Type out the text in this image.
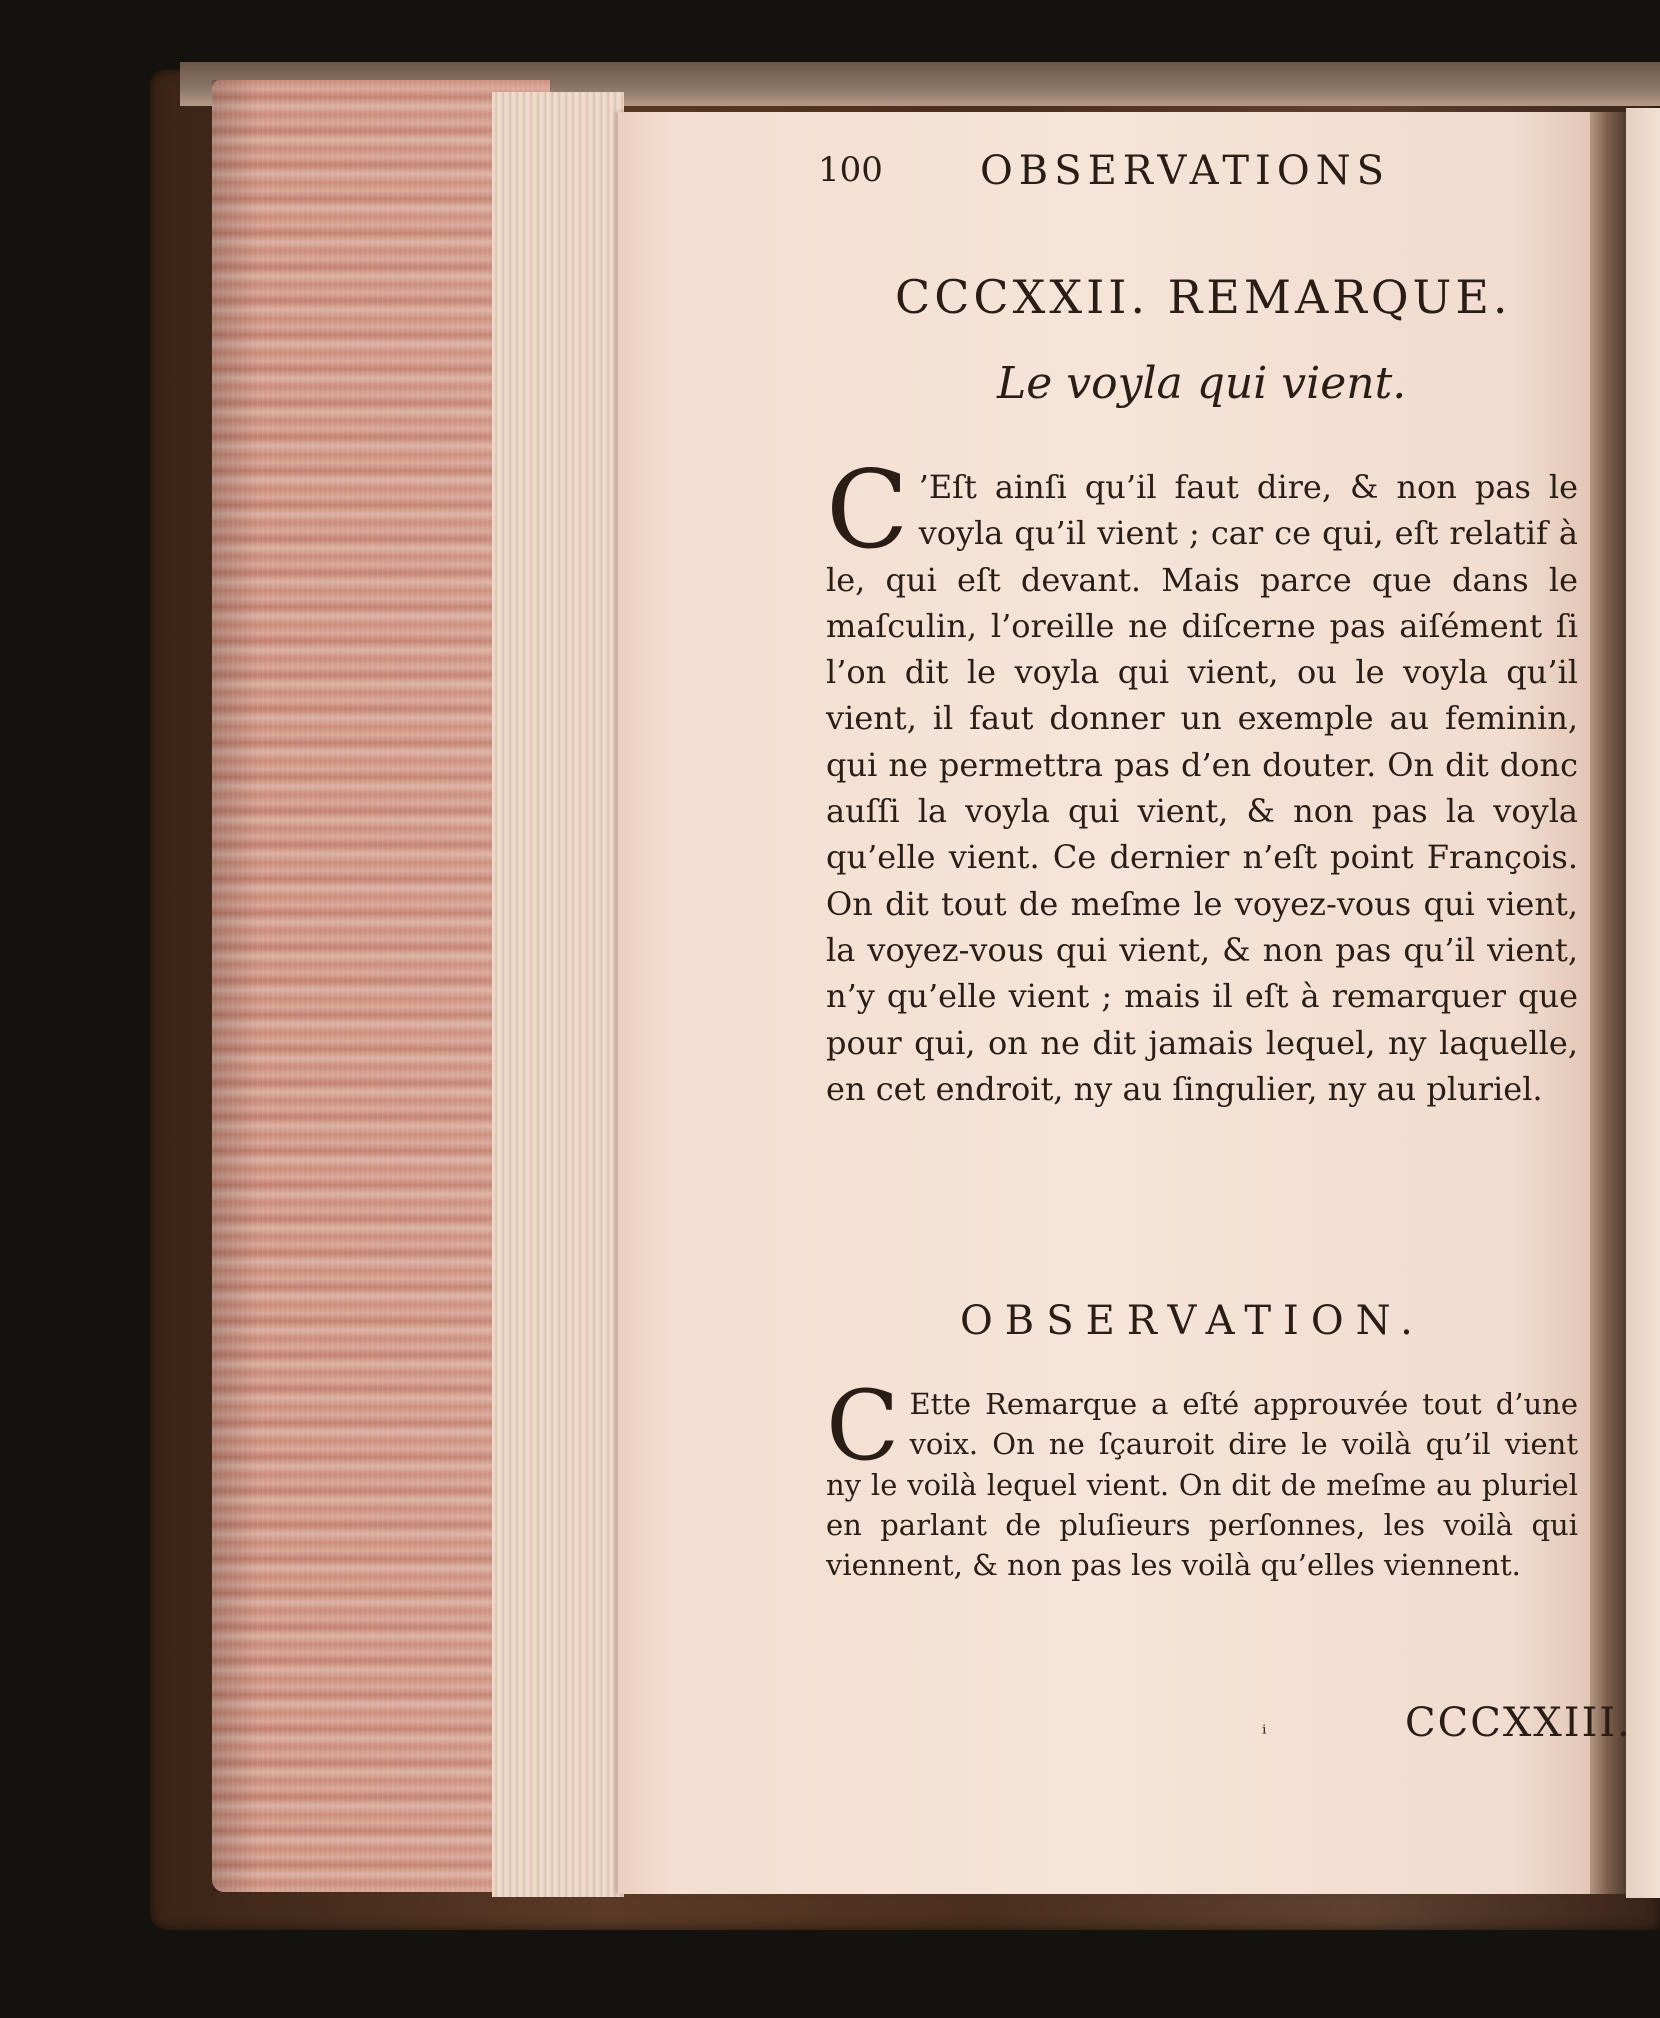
100 OBSERVATIONS
CCCXXII. REMARQUE.
Le voyla qui vient.
C ’Eſt ainſi qu’il faut dire, & non pas le voyla qu’il vient ; car ce qui, eſt relatif à le, qui eſt devant. Mais parce que dans le maſculin, l’oreille ne diſcerne pas aiſément ſi l’on dit le voyla qui vient, ou le voyla qu’il vient, il faut donner un exemple au feminin, qui ne permettra pas d’en douter. On dit donc auſſi la voyla qui vient, & non pas la voyla qu’elle vient. Ce dernier n’eſt point François. On dit tout de meſme le voyez-vous qui vient, la voyez-vous qui vient, & non pas qu’il vient, n’y qu’elle vient ; mais il eſt à remarquer que pour qui, on ne dit jamais lequel, ny laquelle, en cet endroit, ny au ſingulier, ny au pluriel.
OBSERVATION.
C Ette Remarque a eſté approuvée tout d’une voix. On ne ſçauroit dire le voilà qu’il vient ny le voilà lequel vient. On dit de meſme au pluriel en parlant de pluſieurs perſonnes, les voilà qui viennent, & non pas les voilà qu’elles viennent.
ⁱ	CCCXXIII.
